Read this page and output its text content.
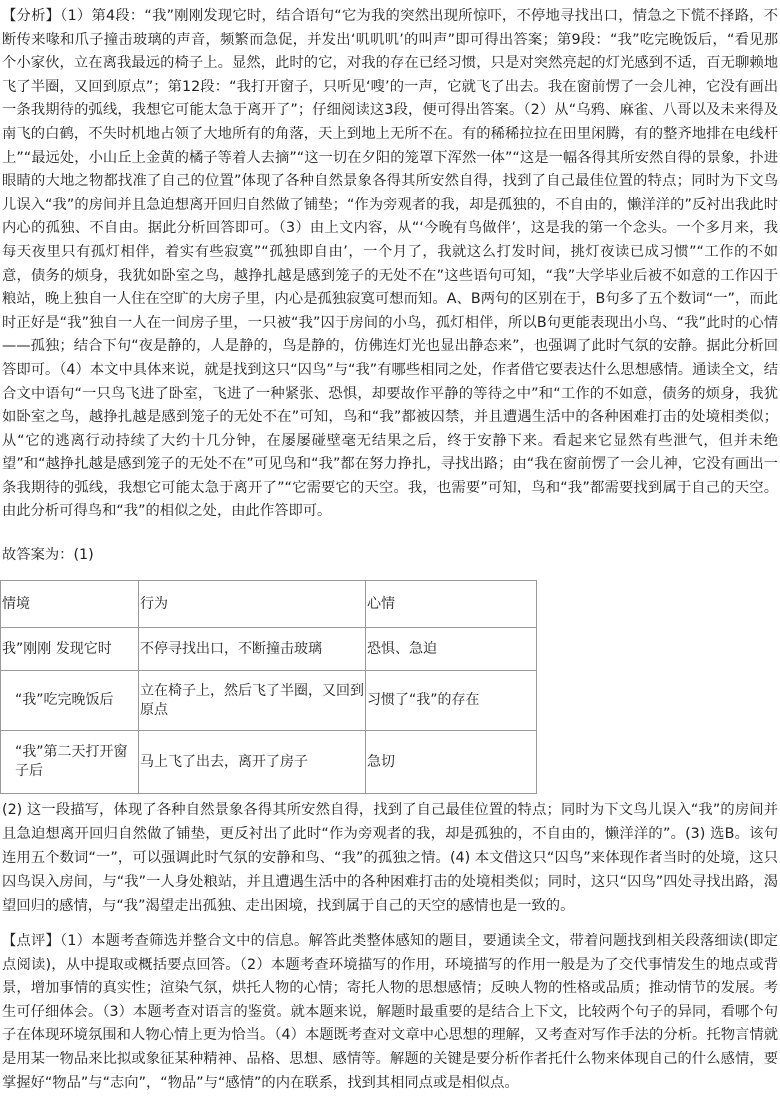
【分析】（1）第4段：“我”刚刚发现它时，结合语句“它为我的突然出现所惊吓，不停地寻找出口，情急之下慌不择路，不断传来喙和爪子撞击玻璃的声音，频繁而急促，并发出‘叽叽叽’的叫声”即可得出答案；第9段：“我”吃完晚饭后，“看见那个小家伙，立在离我最远的椅子上。显然，此时的它，对我的存在已经习惯，只是对突然亮起的灯光感到不适，百无聊赖地飞了半圈，又回到原点”；第12段：“我打开窗子，只听见‘嗖’的一声，它就飞了出去。我在窗前愣了一会儿神，它没有画出一条我期待的弧线，我想它可能太急于离开了”；仔细阅读这3段，便可得出答案。（2）从“乌鸦、麻雀、八哥以及未来得及南飞的白鹤，不失时机地占领了大地所有的角落，天上到地上无所不在。有的稀稀拉拉在田里闲腾，有的整齐地排在电线杆上”“最远处，小山丘上金黄的橘子等着人去摘”“这一切在夕阳的笼罩下浑然一体”“这是一幅各得其所安然自得的景象，扑进眼睛的大地之物都找准了自己的位置”体现了各种自然景象各得其所安然自得，找到了自己最佳位置的特点；同时为下文鸟儿误入“我”的房间并且急迫想离开回归自然做了铺垫；“作为旁观者的我，却是孤独的，不自由的，懒洋洋的”反衬出我此时内心的孤独、不自由。据此分析回答即可。（3）由上文内容，从“‘今晚有鸟做伴’，这是我的第一个念头。一个多月来，我每天夜里只有孤灯相伴，着实有些寂寞”“孤独即自由’，一个月了，我就这么打发时间，挑灯夜读已成习惯”“工作的不如意，债务的烦身，我犹如卧室之鸟，越挣扎越是感到笼子的无处不在”这些语句可知，“我”大学毕业后被不如意的工作囚于粮站，晚上独自一人住在空旷的大房子里，内心是孤独寂寞可想而知。A、B两句的区别在于，B句多了五个数词“一”，而此时正好是“我”独自一人在一间房子里，一只被“我”囚于房间的小鸟，孤灯相伴，所以B句更能表现出小鸟、“我”此时的心情——孤独；结合下句“夜是静的，人是静的，鸟是静的，仿佛连灯光也显出静态来”，也强调了此时气氛的安静。据此分析回答即可。（4）本文中具体来说，就是找到这只“囚鸟”与“我”有哪些相同之处，作者借它要表达什么思想感情。通读全文，结合文中语句“一只鸟飞进了卧室，飞进了一种紧张、恐惧，却要故作平静的等待之中”和“工作的不如意，债务的烦身，我犹如卧室之鸟，越挣扎越是感到笼子的无处不在”可知，鸟和“我”都被囚禁，并且遭遇生活中的各种困难打击的处境相类似；从“它的逃离行动持续了大约十几分钟，在屡屡碰壁毫无结果之后，终于安静下来。看起来它显然有些泄气，但并未绝望”和“越挣扎越是感到笼子的无处不在”可见鸟和“我”都在努力挣扎，寻找出路；由“我在窗前愣了一会儿神，它没有画出一条我期待的弧线，我想它可能太急于离开了”“它需要它的天空。我，也需要”可知，鸟和“我”都需要找到属于自己的天空。由此分析可得鸟和“我”的相似之处，由此作答即可。

故答案为：(1)

情境	行为	心情
我”刚刚 发现它时	不停寻找出口，不断撞击玻璃	恐惧、急迫
“我”吃完晚饭后	立在椅子上，然后飞了半圈，又回到原点	习惯了“我”的存在
“我”第二天打开窗子后	马上飞了出去，离开了房子	急切

(2) 这一段描写，体现了各种自然景象各得其所安然自得，找到了自己最佳位置的特点；同时为下文鸟儿误入“我”的房间并且急迫想离开回归自然做了铺垫，更反衬出了此时“作为旁观者的我，却是孤独的，不自由的，懒洋洋的”。(3) 选B。该句连用五个数词“一”，可以强调此时气氛的安静和鸟、“我”的孤独之情。(4) 本文借这只“囚鸟”来体现作者当时的处境，这只囚鸟误入房间，与“我”一人身处粮站，并且遭遇生活中的各种困难打击的处境相类似；同时，这只“囚鸟”四处寻找出路，渴望回归的感情，与“我”渴望走出孤独、走出困境，找到属于自己的天空的感情也是一致的。

【点评】（1）本题考查筛选并整合文中的信息。解答此类整体感知的题目，要通读全文，带着问题找到相关段落细读(即定点阅读)，从中提取或概括要点回答。（2）本题考查环境描写的作用，环境描写的作用一般是为了交代事情发生的地点或背景，增加事情的真实性；渲染气氛，烘托人物的心情；寄托人物的思想感情；反映人物的性格或品质；推动情节的发展。考生可仔细体会。（3）本题考查对语言的鉴赏。就本题来说，解题时最重要的是结合上下文，比较两个句子的异同，看哪个句子在体现环境氛围和人物心情上更为恰当。（4）本题既考查对文章中心思想的理解，又考查对写作手法的分析。托物言情就是用某一物品来比拟或象征某种精神、品格、思想、感情等。解题的关键是要分析作者托什么物来体现自己的什么感情，要掌握好“物品”与“志向”，“物品”与“感情”的内在联系，找到其相同点或是相似点。
